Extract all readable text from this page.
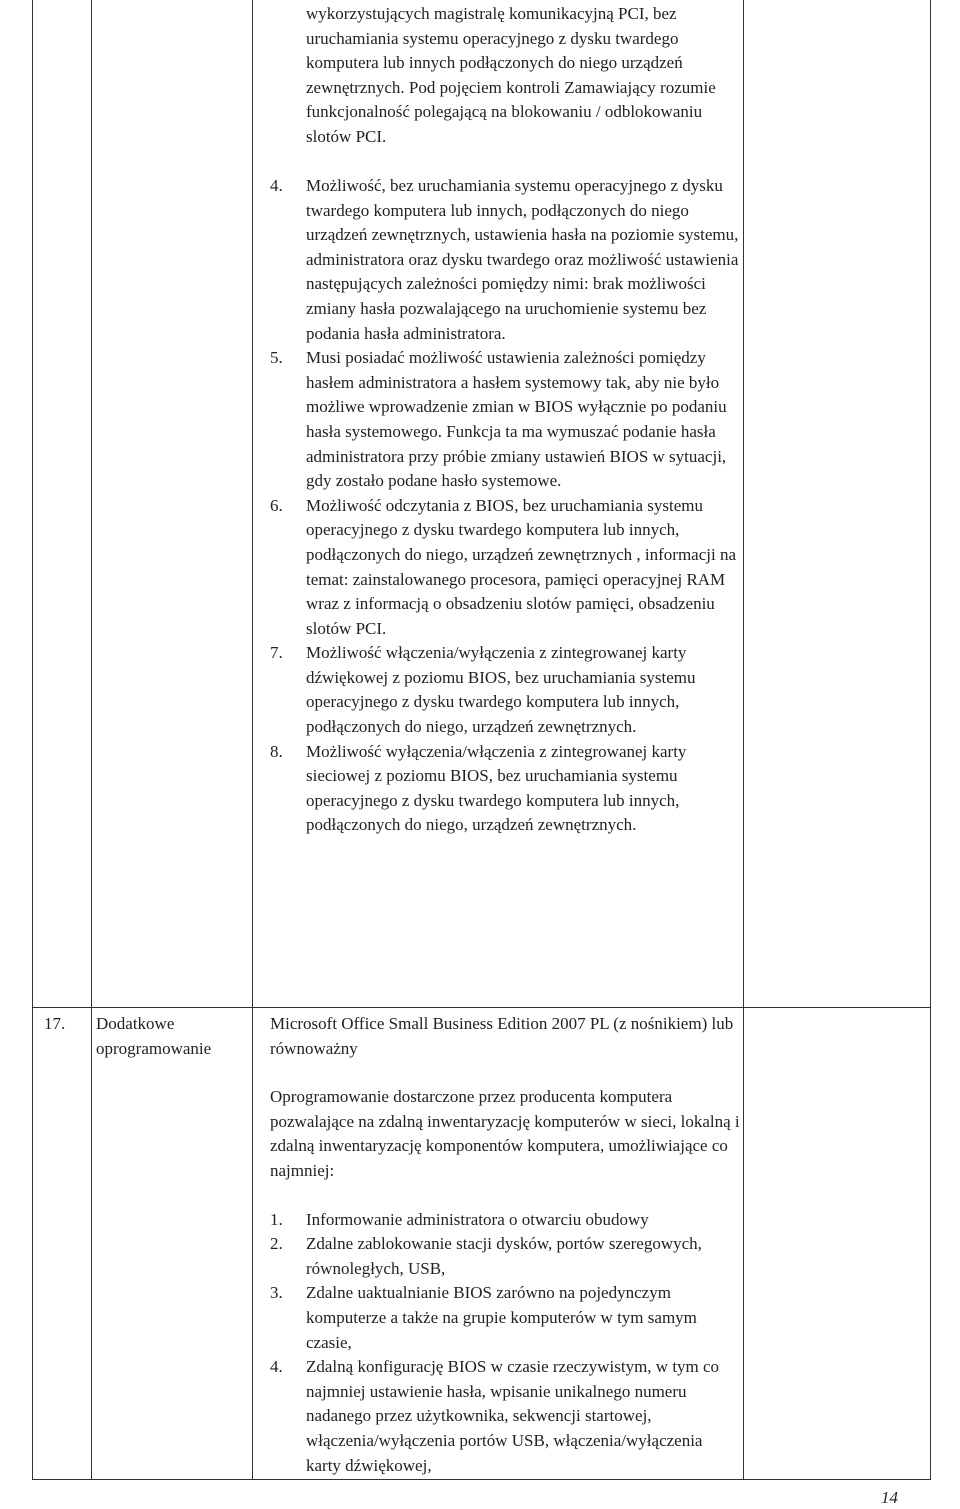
wykorzystujących magistralę komunikacyjną PCI, bez uruchamiania systemu operacyjnego z dysku twardego komputera lub innych podłączonych do niego urządzeń zewnętrznych. Pod pojęciem kontroli Zamawiający rozumie funkcjonalność polegającą na blokowaniu / odblokowaniu slotów PCI.
4. Możliwość, bez uruchamiania systemu operacyjnego z dysku twardego komputera lub innych, podłączonych do niego urządzeń zewnętrznych, ustawienia hasła na poziomie systemu, administratora oraz dysku twardego oraz możliwość ustawienia następujących zależności pomiędzy nimi: brak możliwości zmiany hasła pozwalającego na uruchomienie systemu bez podania hasła administratora.
5. Musi posiadać możliwość ustawienia zależności pomiędzy hasłem administratora a hasłem systemowy tak, aby nie było możliwe wprowadzenie zmian w BIOS wyłącznie po podaniu hasła systemowego. Funkcja ta ma wymuszać podanie hasła administratora przy próbie zmiany ustawień BIOS w sytuacji, gdy zostało podane hasło systemowe.
6. Możliwość odczytania z BIOS, bez uruchamiania systemu operacyjnego z dysku twardego komputera lub innych, podłączonych do niego, urządzeń zewnętrznych , informacji na temat: zainstalowanego procesora, pamięci operacyjnej RAM wraz z informacją o obsadzeniu slotów pamięci, obsadzeniu slotów PCI.
7. Możliwość włączenia/wyłączenia z zintegrowanej karty dźwiękowej z poziomu BIOS, bez uruchamiania systemu operacyjnego z dysku twardego komputera lub innych, podłączonych do niego, urządzeń zewnętrznych.
8. Możliwość wyłączenia/włączenia z zintegrowanej karty sieciowej z poziomu BIOS, bez uruchamiania systemu operacyjnego z dysku twardego komputera lub innych, podłączonych do niego, urządzeń zewnętrznych.
17. Dodatkowe oprogramowanie

Microsoft Office Small Business Edition 2007 PL (z nośnikiem) lub równoważny

Oprogramowanie dostarczone przez producenta komputera pozwalające na zdalną inwentaryzację komputerów w sieci, lokalną i zdalną inwentaryzację komponentów komputera, umożliwiające co najmniej:

1. Informowanie administratora o otwarciu obudowy
2. Zdalne zablokowanie stacji dysków, portów szeregowych, równoległych, USB,
3. Zdalne uaktualnianie BIOS zarówno na pojedynczym komputerze a także na grupie komputerów w tym samym czasie,
4. Zdalną konfigurację BIOS w czasie rzeczywistym, w tym co najmniej ustawienie hasła, wpisanie unikalnego numeru nadanego przez użytkownika, sekwencji startowej, włączenia/wyłączenia portów USB, włączenia/wyłączenia karty dźwiękowej,
14
